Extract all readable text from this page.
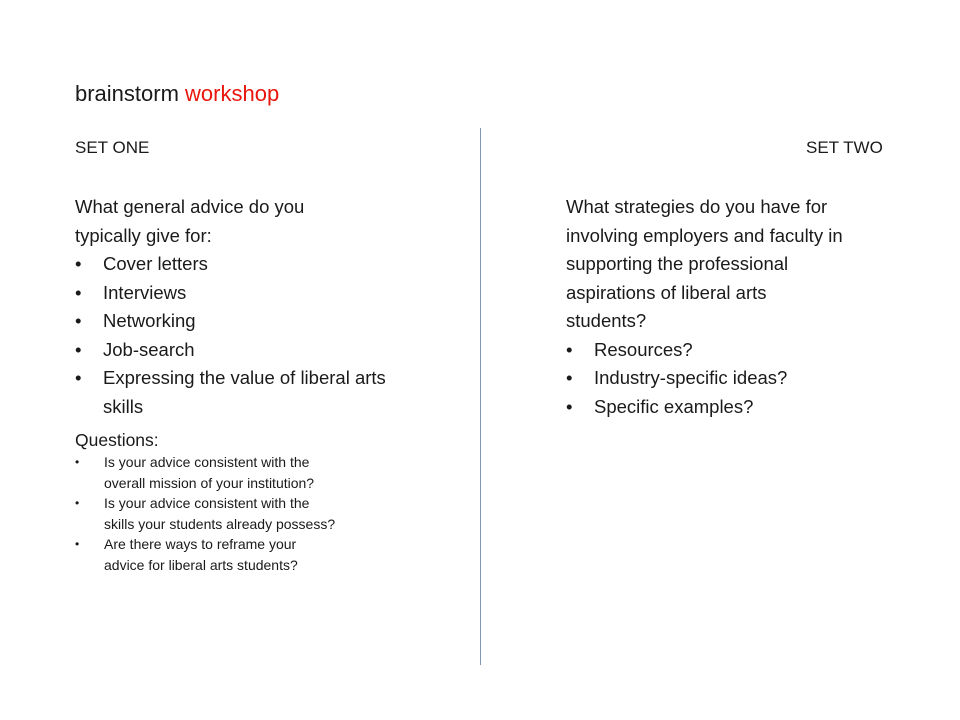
brainstorm workshop
SET ONE	SET TWO

What general advice do you typically give for:

• Cover letters
• Interviews
• Networking
• Job-search
• Expressing the value of liberal arts skills

Questions:

• Is your advice consistent with the overall mission of your institution?
• Is your advice consistent with the skills your students already possess?
• Are there ways to reframe your advice for liberal arts students?

What strategies do you have for involving employers and faculty in supporting the professional aspirations of liberal arts students?

• Resources?
• Industry-specific ideas?
• Specific examples?
